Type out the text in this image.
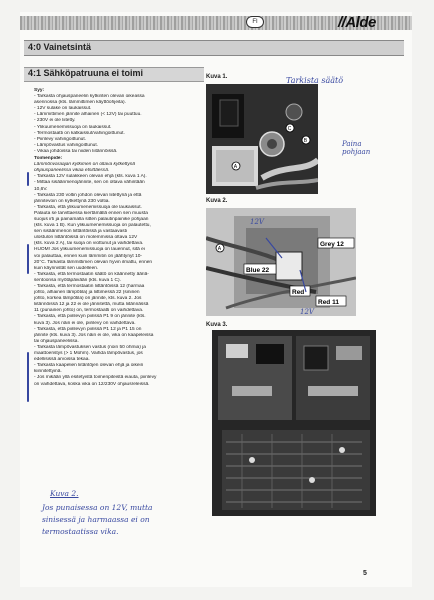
FI	//Alde
4:0 Vainetsintä
4:1 Sähköpatruuna ei toimi
Syy:
- Tarkasta ohjauspaneelin kytkinten olevan oikeassa
asennossa (kts. lämmittimen käyttöohjeita).
- 12V sulake on laukaissut.
- Lämmittimen jännite alhainen (< 12V) tai puuttuu.
- 230V ei ole liitetty.
- Ylikuumenemissuoja on laukaissut.
- Termostaatti on katkaissut/vahingoittunut.
- Piirilevy vahingoittunut.
- Lämpövastus vahingoittunut.
- Vikaa johdoissa tai niiden liitännöissä.
Toimenpide:
Lämmönvaraajan kytkimen on oltava kytkettynä
ohjauspaneelissa vikaa etsittäessä.
- Tarkasta 12V sulakkeen olevan ehjä (kts. kuva 1 A).
- Mittaa sisäänmenojännite, sen on oltava vähintään
10,6V.
- Tarkasta 230 voltin johdon olevan liitettynä ja että
jännitevoin on kytkettynä 230 voltia.
- Tarkasta, että ylikuumenemissuoja ole laukaissut.
Palauta se tarvittaessa kiertämällä ennen sen muusta
suojus irti ja painamalla sitten palautinpainike pohjaan
(kts. kuva 1 B). Kun ylikuumenemissuoja on palautettu,
sen sisäänmenon liittäntöissä ja vastaavasti
ulostulon liittäntöissä on molemmissa oltava 12V
(kts. kuva 2 A), tai suoja on viottunut ja vaihdettava.
HUOM! Jos ylikuumenemissuoja on lauennut, sitä ei
voi palauttaa, ennen kuin lämmitin on jäähtynyt 10-
20°C. Tarkasta lämmittimen olevan hyvin ilmattu, ennen
kuin käynnistät sen uudelleen.
- Tarkasta, että termostaatin säätö on käännetty ääriä-
sentoonsa myötäpäivään (kts. kuva 1 C).
- Tarkasta, että termostaatin liittäntöissä 12 (harmaa
johto, alhainen lämpötila) ja liittimessä 22 (sininen
johto, korkea lämpötila) on jännite, kts. kuva 2. Jos
liitännöissä 12 ja 22 ei ole jännitettä, mutta liitännässä
11 (punainen johto) on, termostaatti on vaihdettava.
- Tarkasta, että piirilevyn piirissä P1 9 on jännite (kts.
kuva 3). Jos näin ei ole, piirilevy on vaihdettava.
- Tarkasta, että piirilevyn piirissä P1 12 ja P1 15 on
jännite (kts. kuva 3). Jos näin ei ole, vika on kaapeleissa
tai ohjauspaneelissa.
- Tarkasta lämpövastuksen vastus (noin 50 ohmia) ja
maattoeristys (> 1 Mohm). Vaihda lämpövastus, jos
edellisissä arvoissa tekaa.
- Tarkasta kaapelien liitäntöjen olevan ehjä ja oikein
kiinnitettyinä.
- Jos mikään yllä esitetyistä toimenpiteistä eiauta, piirilevy
on vaihdettava, koska vika on 12/230V ohjausreleissä.
Kuva 1.
A
B
C
Tarkista säätö
Paina pohjaan
Kuva 2.
A
Grey 12
Blue 22
Red
Red 11
12V
12V
Kuva 3.
Kuva 2.
Jos punaisessa on 12V, mutta
sinisessä ja harmaassa ei on
termostaatissa vika.
5
